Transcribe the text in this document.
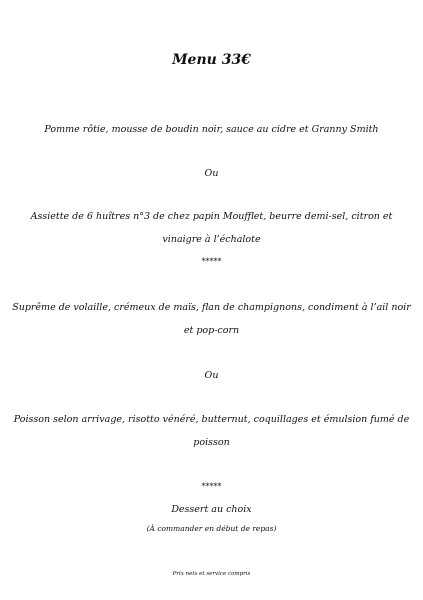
Menu 33€
Pomme rôtie, mousse de boudin noir, sauce au cidre et Granny Smith
Ou
Assiette de 6 huîtres n°3 de chez papin Moufflet, beurre demi-sel, citron et
vinaigre à l’échalote
*****
Suprême de volaille, crémeux de maïs, flan de champignons, condiment à l’ail noir
et pop-corn
Ou
Poisson selon arrivage, risotto vénéré, butternut, coquillages et émulsion fumé de
poisson
*****
Dessert au choix
(À commander en début de repas)
Prix nets et service compris
